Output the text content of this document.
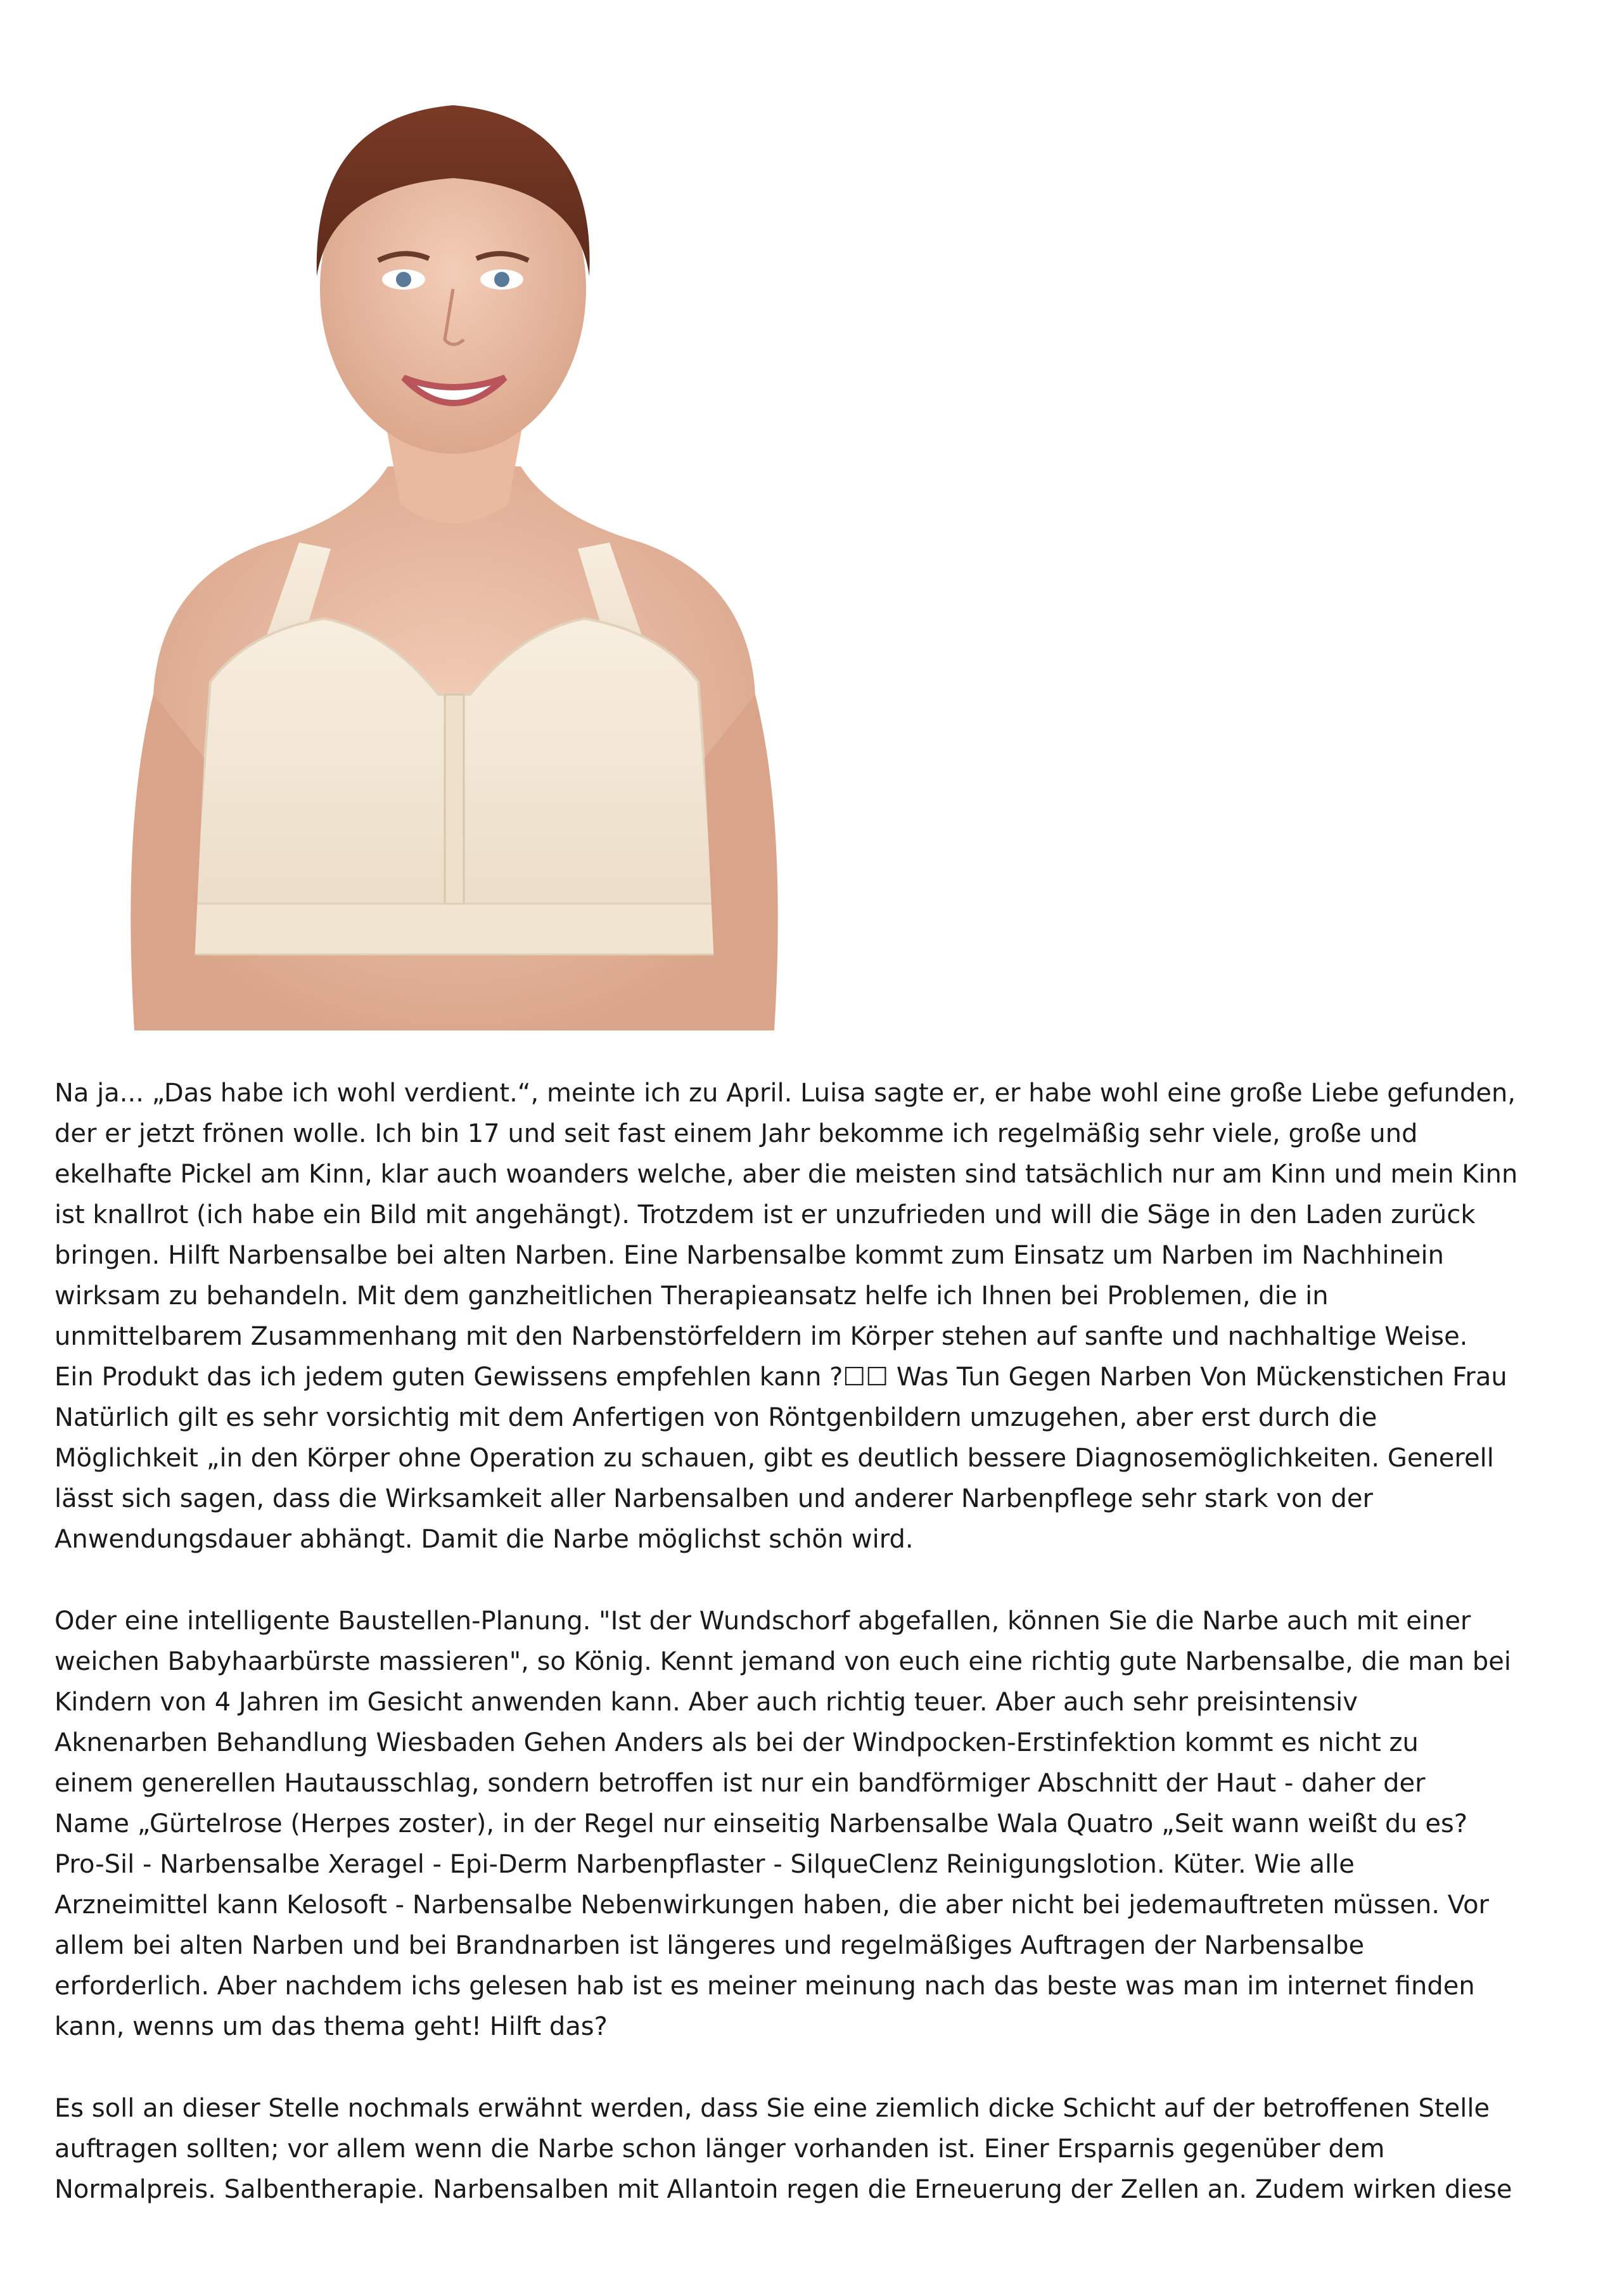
Na ja... „Das habe ich wohl verdient.“, meinte ich zu April. Luisa sagte er, er habe wohl eine große Liebe gefunden,
der er jetzt frönen wolle. Ich bin 17 und seit fast einem Jahr bekomme ich regelmäßig sehr viele, große und
ekelhafte Pickel am Kinn, klar auch woanders welche, aber die meisten sind tatsächlich nur am Kinn und mein Kinn
ist knallrot (ich habe ein Bild mit angehängt). Trotzdem ist er unzufrieden und will die Säge in den Laden zurück
bringen. Hilft Narbensalbe bei alten Narben. Eine Narbensalbe kommt zum Einsatz um Narben im Nachhinein
wirksam zu behandeln. Mit dem ganzheitlichen Therapieansatz helfe ich Ihnen bei Problemen, die in
unmittelbarem Zusammenhang mit den Narbenstörfeldern im Körper stehen auf sanfte und nachhaltige Weise.
Ein Produkt das ich jedem guten Gewissens empfehlen kann ?☐☐ Was Tun Gegen Narben Von Mückenstichen Frau
Natürlich gilt es sehr vorsichtig mit dem Anfertigen von Röntgenbildern umzugehen, aber erst durch die
Möglichkeit „in den Körper ohne Operation zu schauen, gibt es deutlich bessere Diagnosemöglichkeiten. Generell
lässt sich sagen, dass die Wirksamkeit aller Narbensalben und anderer Narbenpflege sehr stark von der
Anwendungsdauer abhängt. Damit die Narbe möglichst schön wird.

Oder eine intelligente Baustellen-Planung. "Ist der Wundschorf abgefallen, können Sie die Narbe auch mit einer
weichen Babyhaarbürste massieren", so König. Kennt jemand von euch eine richtig gute Narbensalbe, die man bei
Kindern von 4 Jahren im Gesicht anwenden kann. Aber auch richtig teuer. Aber auch sehr preisintensiv
Aknenarben Behandlung Wiesbaden Gehen Anders als bei der Windpocken-Erstinfektion kommt es nicht zu
einem generellen Hautausschlag, sondern betroffen ist nur ein bandförmiger Abschnitt der Haut - daher der
Name „Gürtelrose (Herpes zoster), in der Regel nur einseitig Narbensalbe Wala Quatro „Seit wann weißt du es?
Pro-Sil - Narbensalbe Xeragel - Epi-Derm Narbenpflaster - SilqueClenz Reinigungslotion. Küter. Wie alle
Arzneimittel kann Kelosoft - Narbensalbe Nebenwirkungen haben, die aber nicht bei jedemauftreten müssen. Vor
allem bei alten Narben und bei Brandnarben ist längeres und regelmäßiges Auftragen der Narbensalbe
erforderlich. Aber nachdem ichs gelesen hab ist es meiner meinung nach das beste was man im internet finden
kann, wenns um das thema geht! Hilft das?

Es soll an dieser Stelle nochmals erwähnt werden, dass Sie eine ziemlich dicke Schicht auf der betroffenen Stelle
auftragen sollten; vor allem wenn die Narbe schon länger vorhanden ist. Einer Ersparnis gegenüber dem
Normalpreis. Salbentherapie. Narbensalben mit Allantoin regen die Erneuerung der Zellen an. Zudem wirken diese
